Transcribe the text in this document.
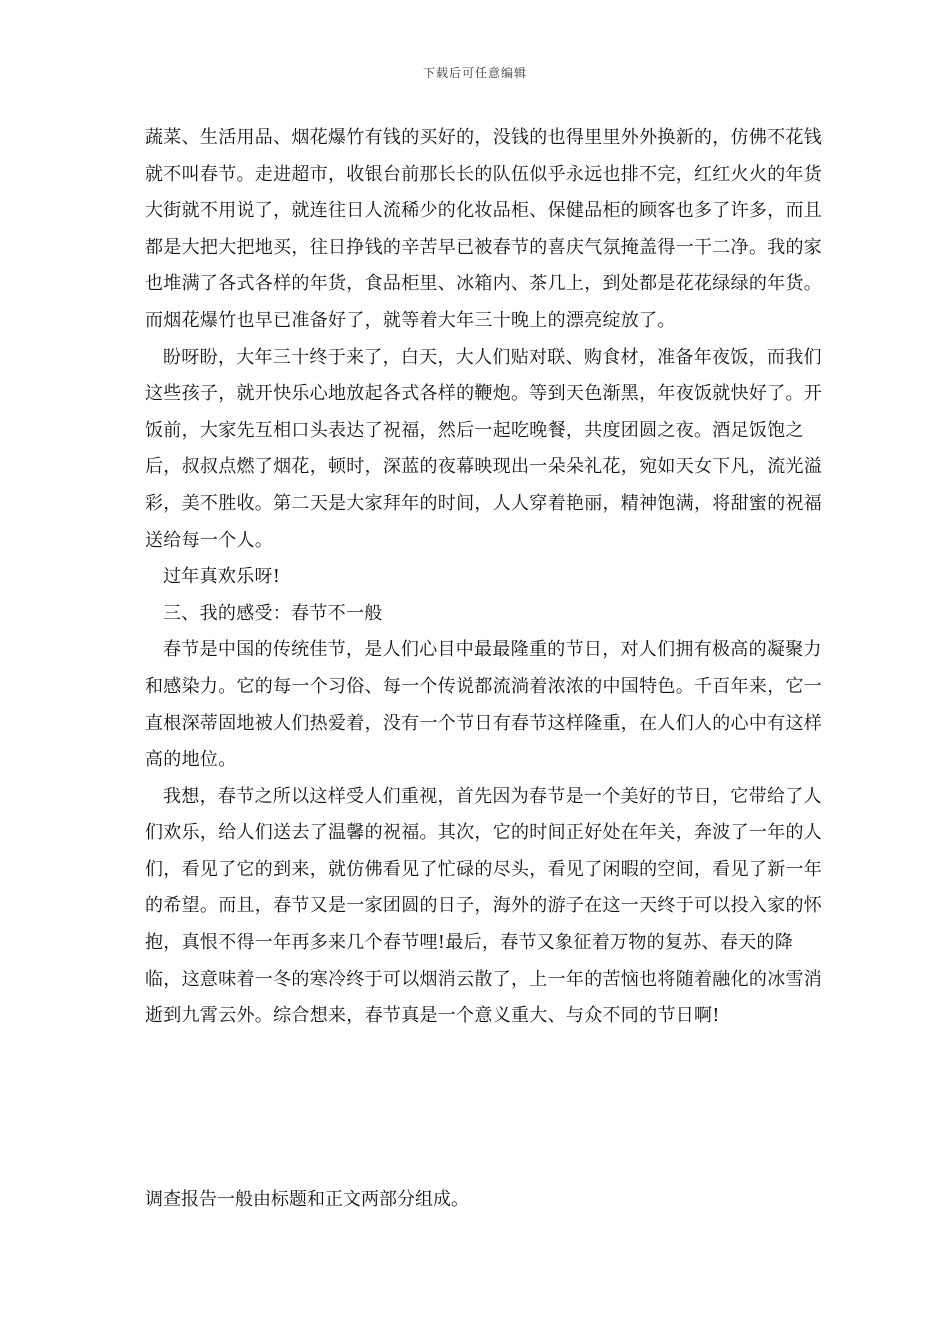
下载后可任意编辑

蔬菜、生活用品、烟花爆竹有钱的买好的，没钱的也得里里外外换新的，仿佛不花钱就不叫春节。走进超市，收银台前那长长的队伍似乎永远也排不完，红红火火的年货大街就不用说了，就连往日人流稀少的化妆品柜、保健品柜的顾客也多了许多，而且都是大把大把地买，往日挣钱的辛苦早已被春节的喜庆气氛掩盖得一干二净。我的家也堆满了各式各样的年货，食品柜里、冰箱内、茶几上，到处都是花花绿绿的年货。而烟花爆竹也早已准备好了，就等着大年三十晚上的漂亮绽放了。

盼呀盼，大年三十终于来了，白天，大人们贴对联、购食材，准备年夜饭，而我们这些孩子，就开快乐心地放起各式各样的鞭炮。等到天色渐黑，年夜饭就快好了。开饭前，大家先互相口头表达了祝福，然后一起吃晚餐，共度团圆之夜。酒足饭饱之后，叔叔点燃了烟花，顿时，深蓝的夜幕映现出一朵朵礼花，宛如天女下凡，流光溢彩，美不胜收。第二天是大家拜年的时间，人人穿着艳丽，精神饱满，将甜蜜的祝福送给每一个人。

过年真欢乐呀!

三、我的感受：春节不一般

春节是中国的传统佳节，是人们心目中最最隆重的节日，对人们拥有极高的凝聚力和感染力。它的每一个习俗、每一个传说都流淌着浓浓的中国特色。千百年来，它一直根深蒂固地被人们热爱着，没有一个节日有春节这样隆重，在人们人的心中有这样高的地位。

我想，春节之所以这样受人们重视，首先因为春节是一个美好的节日，它带给了人们欢乐，给人们送去了温馨的祝福。其次，它的时间正好处在年关，奔波了一年的人们，看见了它的到来，就仿佛看见了忙碌的尽头，看见了闲暇的空间，看见了新一年的希望。而且，春节又是一家团圆的日子，海外的游子在这一天终于可以投入家的怀抱，真恨不得一年再多来几个春节哩!最后，春节又象征着万物的复苏、春天的降临，这意味着一冬的寒冷终于可以烟消云散了，上一年的苦恼也将随着融化的冰雪消逝到九霄云外。综合想来，春节真是一个意义重大、与众不同的节日啊!

调查报告一般由标题和正文两部分组成。
